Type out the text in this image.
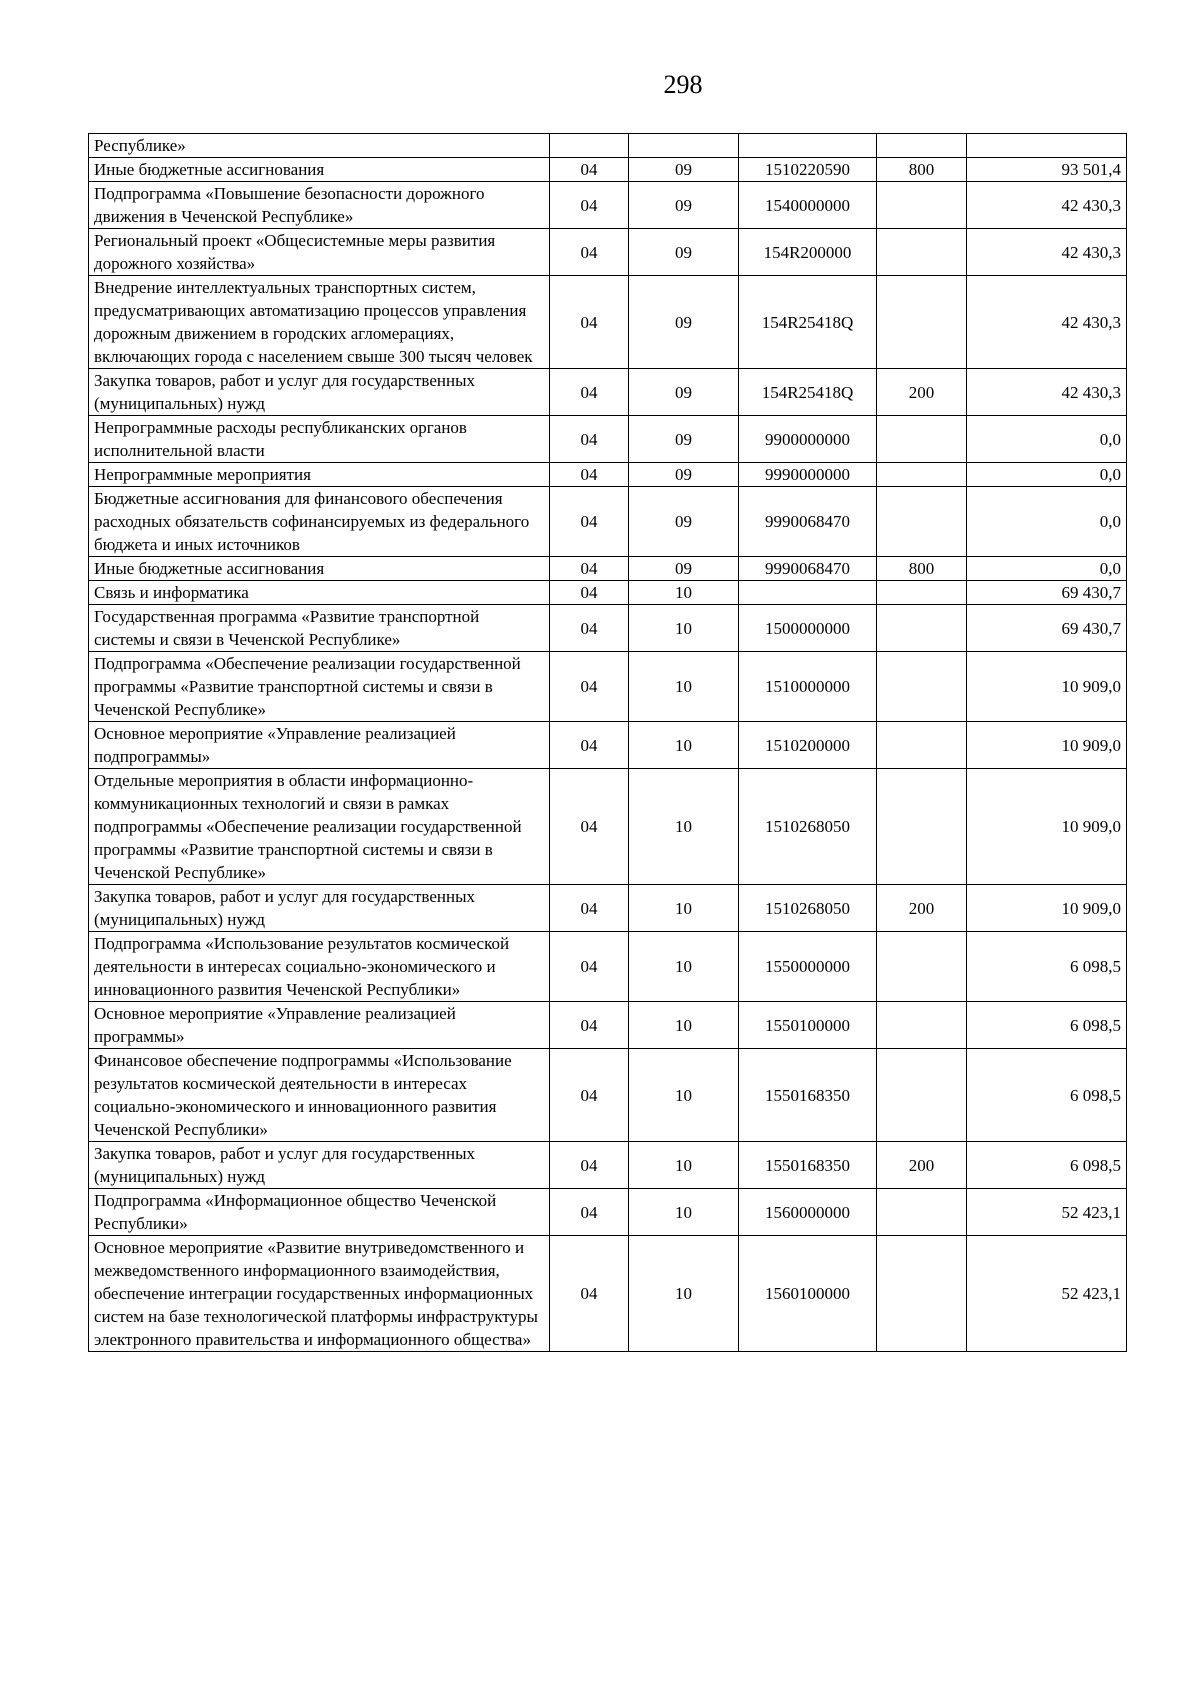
298
Республике»					
Иные бюджетные ассигнования	04	09	1510220590	800	93 501,4
Подпрограмма «Повышение безопасности дорожного движения в Чеченской Республике»	04	09	1540000000		42 430,3
Региональный проект «Общесистемные меры развития дорожного хозяйства»	04	09	154R200000		42 430,3
Внедрение интеллектуальных транспортных систем, предусматривающих автоматизацию процессов управления дорожным движением в городских агломерациях, включающих города с населением свыше 300 тысяч человек	04	09	154R25418Q		42 430,3
Закупка товаров, работ и услуг для государственных (муниципальных) нужд	04	09	154R25418Q	200	42 430,3
Непрограммные расходы республиканских органов исполнительной власти	04	09	9900000000		0,0
Непрограммные мероприятия	04	09	9990000000		0,0
Бюджетные ассигнования для финансового обеспечения расходных обязательств софинансируемых из федерального бюджета и иных источников	04	09	9990068470		0,0
Иные бюджетные ассигнования	04	09	9990068470	800	0,0
Связь и информатика	04	10			69 430,7
Государственная программа «Развитие транспортной системы и связи в Чеченской Республике»	04	10	1500000000		69 430,7
Подпрограмма «Обеспечение реализации государственной программы «Развитие транспортной системы и связи в Чеченской Республике»	04	10	1510000000		10 909,0
Основное мероприятие «Управление реализацией подпрограммы»	04	10	1510200000		10 909,0
Отдельные мероприятия в области информационно-коммуникационных технологий и связи в рамках подпрограммы «Обеспечение реализации государственной программы «Развитие транспортной системы и связи в Чеченской Республике»	04	10	1510268050		10 909,0
Закупка товаров, работ и услуг для государственных (муниципальных) нужд	04	10	1510268050	200	10 909,0
Подпрограмма «Использование результатов космической деятельности в интересах социально-экономического и инновационного развития Чеченской Республики»	04	10	1550000000		6 098,5
Основное мероприятие «Управление реализацией программы»	04	10	1550100000		6 098,5
Финансовое обеспечение подпрограммы «Использование результатов космической деятельности в интересах социально-экономического и инновационного развития Чеченской Республики»	04	10	1550168350		6 098,5
Закупка товаров, работ и услуг для государственных (муниципальных) нужд	04	10	1550168350	200	6 098,5
Подпрограмма «Информационное общество Чеченской Республики»	04	10	1560000000		52 423,1
Основное мероприятие «Развитие внутриведомственного и межведомственного информационного взаимодействия, обеспечение интеграции государственных информационных систем на базе технологической платформы инфраструктуры электронного правительства и информационного общества»	04	10	1560100000		52 423,1
